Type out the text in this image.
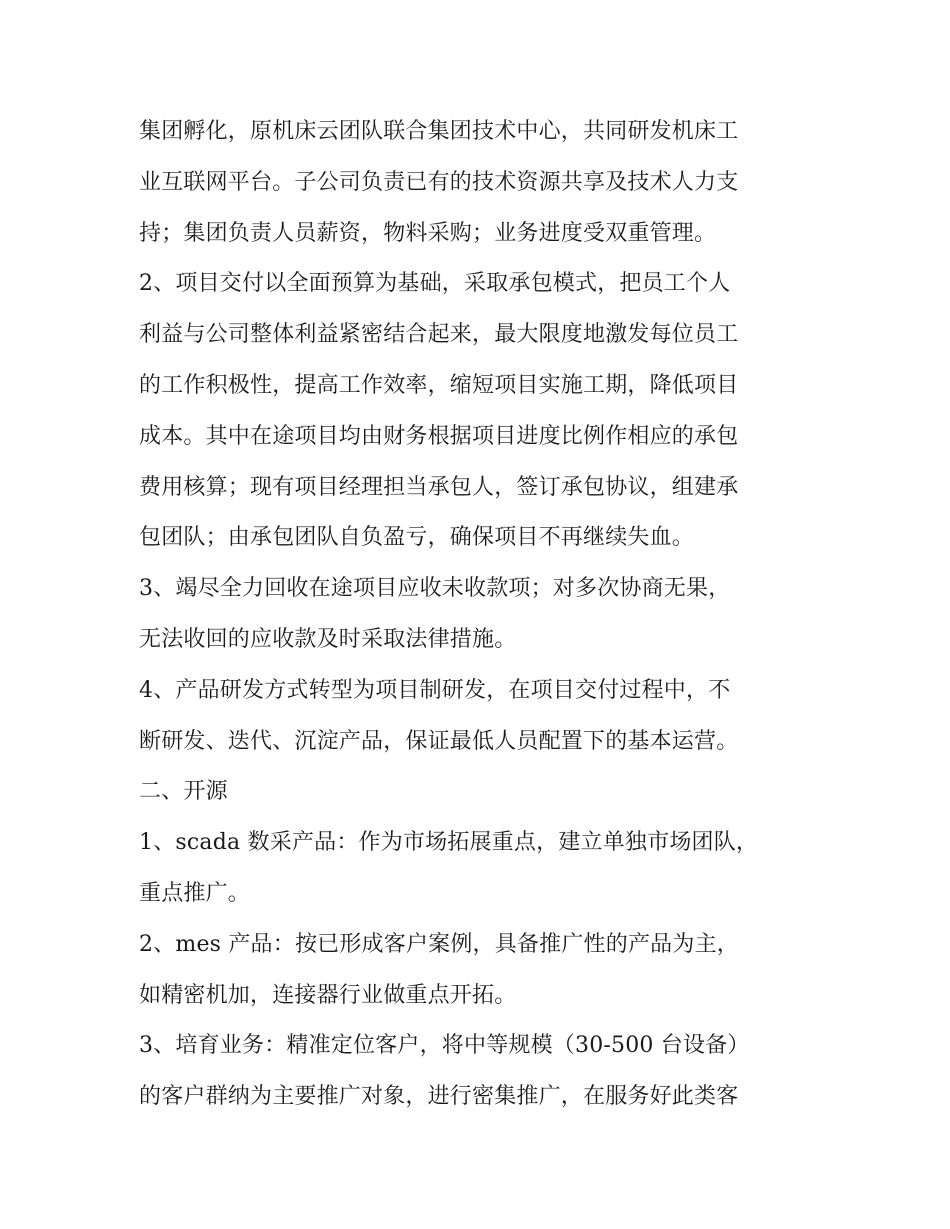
集团孵化，原机床云团队联合集团技术中心，共同研发机床工
业互联网平台。子公司负责已有的技术资源共享及技术人力支
持；集团负责人员薪资，物料采购；业务进度受双重管理。
2、项目交付以全面预算为基础，采取承包模式，把员工个人
利益与公司整体利益紧密结合起来，最大限度地激发每位员工
的工作积极性，提高工作效率，缩短项目实施工期，降低项目
成本。其中在途项目均由财务根据项目进度比例作相应的承包
费用核算；现有项目经理担当承包人，签订承包协议，组建承
包团队；由承包团队自负盈亏，确保项目不再继续失血。
3、竭尽全力回收在途项目应收未收款项；对多次协商无果，
无法收回的应收款及时采取法律措施。
4、产品研发方式转型为项目制研发，在项目交付过程中，不
断研发、迭代、沉淀产品，保证最低人员配置下的基本运营。
二、开源
1、scada 数采产品：作为市场拓展重点，建立单独市场团队，
重点推广。
2、mes 产品：按已形成客户案例，具备推广性的产品为主，
如精密机加，连接器行业做重点开拓。
3、培育业务：精准定位客户，将中等规模（30-500 台设备）
的客户群纳为主要推广对象，进行密集推广，在服务好此类客
